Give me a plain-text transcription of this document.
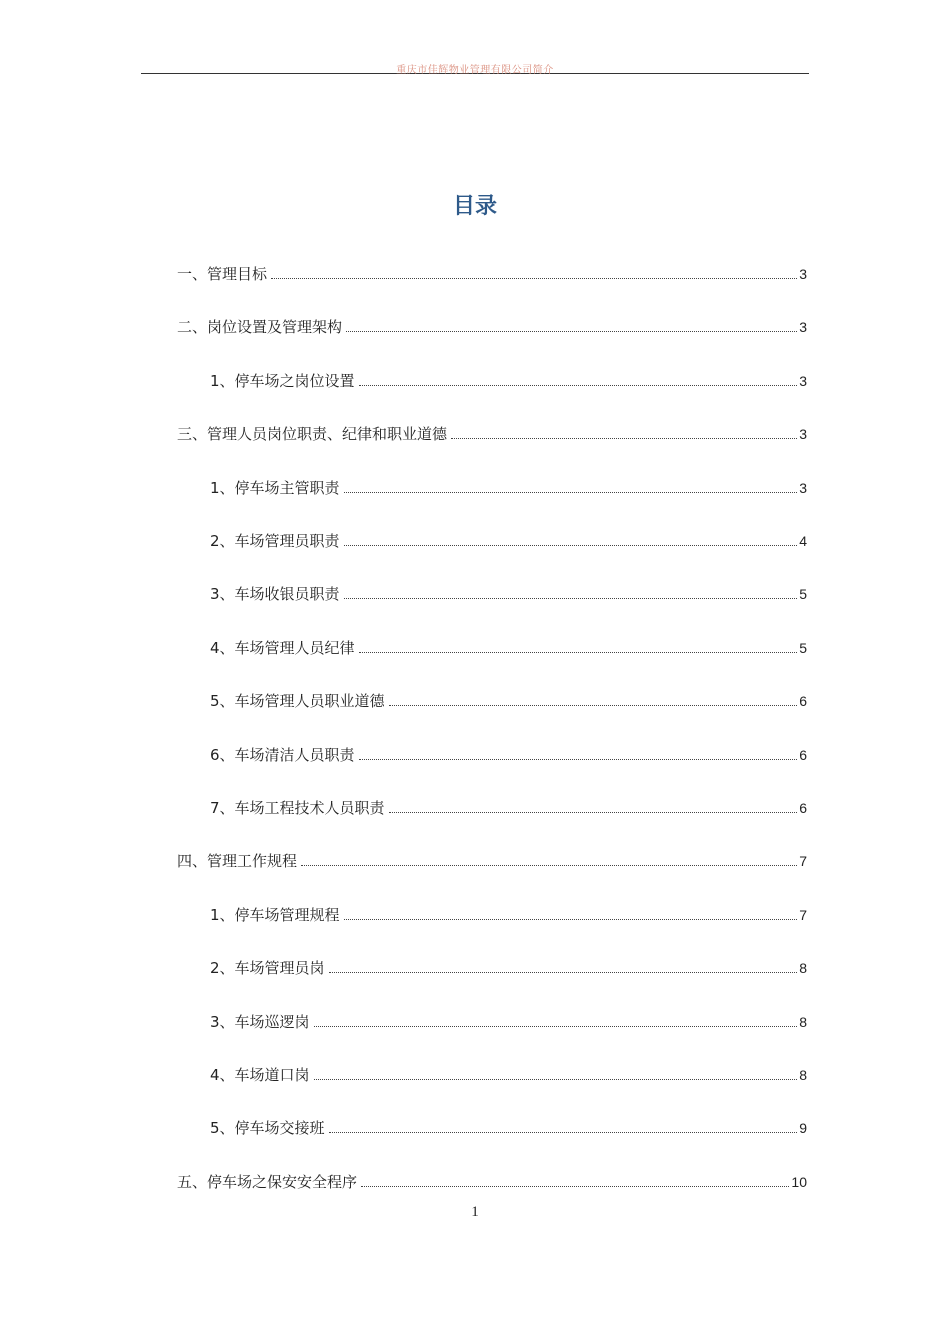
重庆市佳辉物业管理有限公司简介
目录
一、管理目标	3
二、岗位设置及管理架构	3
1、停车场之岗位设置	3
三、管理人员岗位职责、纪律和职业道德	3
1、停车场主管职责	3
2、车场管理员职责	4
3、车场收银员职责	5
4、车场管理人员纪律	5
5、车场管理人员职业道德	6
6、车场清洁人员职责	6
7、车场工程技术人员职责	6
四、管理工作规程	7
1、停车场管理规程	7
2、车场管理员岗	8
3、车场巡逻岗	8
4、车场道口岗	8
5、停车场交接班	9
五、停车场之保安安全程序	10
1
